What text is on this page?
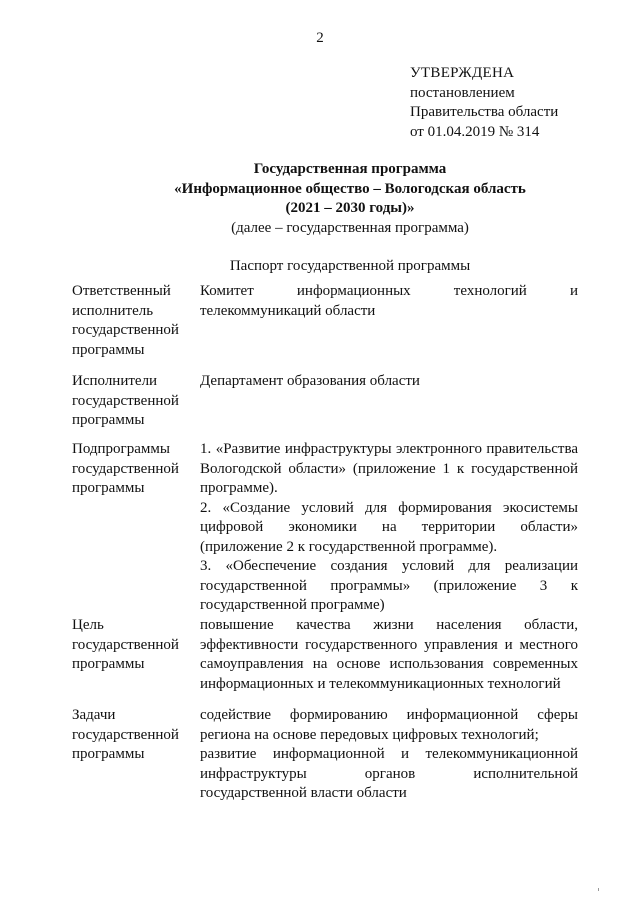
2
УТВЕРЖДЕНА
постановлением
Правительства области
от 01.04.2019 № 314
Государственная программа
«Информационное общество – Вологодская область
(2021 – 2030 годы)»
(далее – государственная программа)
Паспорт государственной программы
Ответственный исполнитель государственной программы

Комитет информационных технологий и телекоммуникаций области

Исполнители государственной программы

Департамент образования области

Подпрограммы государственной программы

1. «Развитие инфраструктуры электронного правительства Вологодской области» (приложение 1 к государственной программе).

2. «Создание условий для формирования экосистемы цифровой экономики на территории области» (приложение 2 к государственной программе).

3. «Обеспечение создания условий для реализации государственной программы» (приложение 3 к государственной программе)

Цель государственной программы

повышение качества жизни населения области, эффективности государственного управления и местного самоуправления на основе использования современных информационных и телекоммуникационных технологий

Задачи государственной программы

содействие формированию информационной сферы региона на основе передовых цифровых технологий;

развитие информационной и телекоммуникационной инфраструктуры органов исполнительной государственной власти области
